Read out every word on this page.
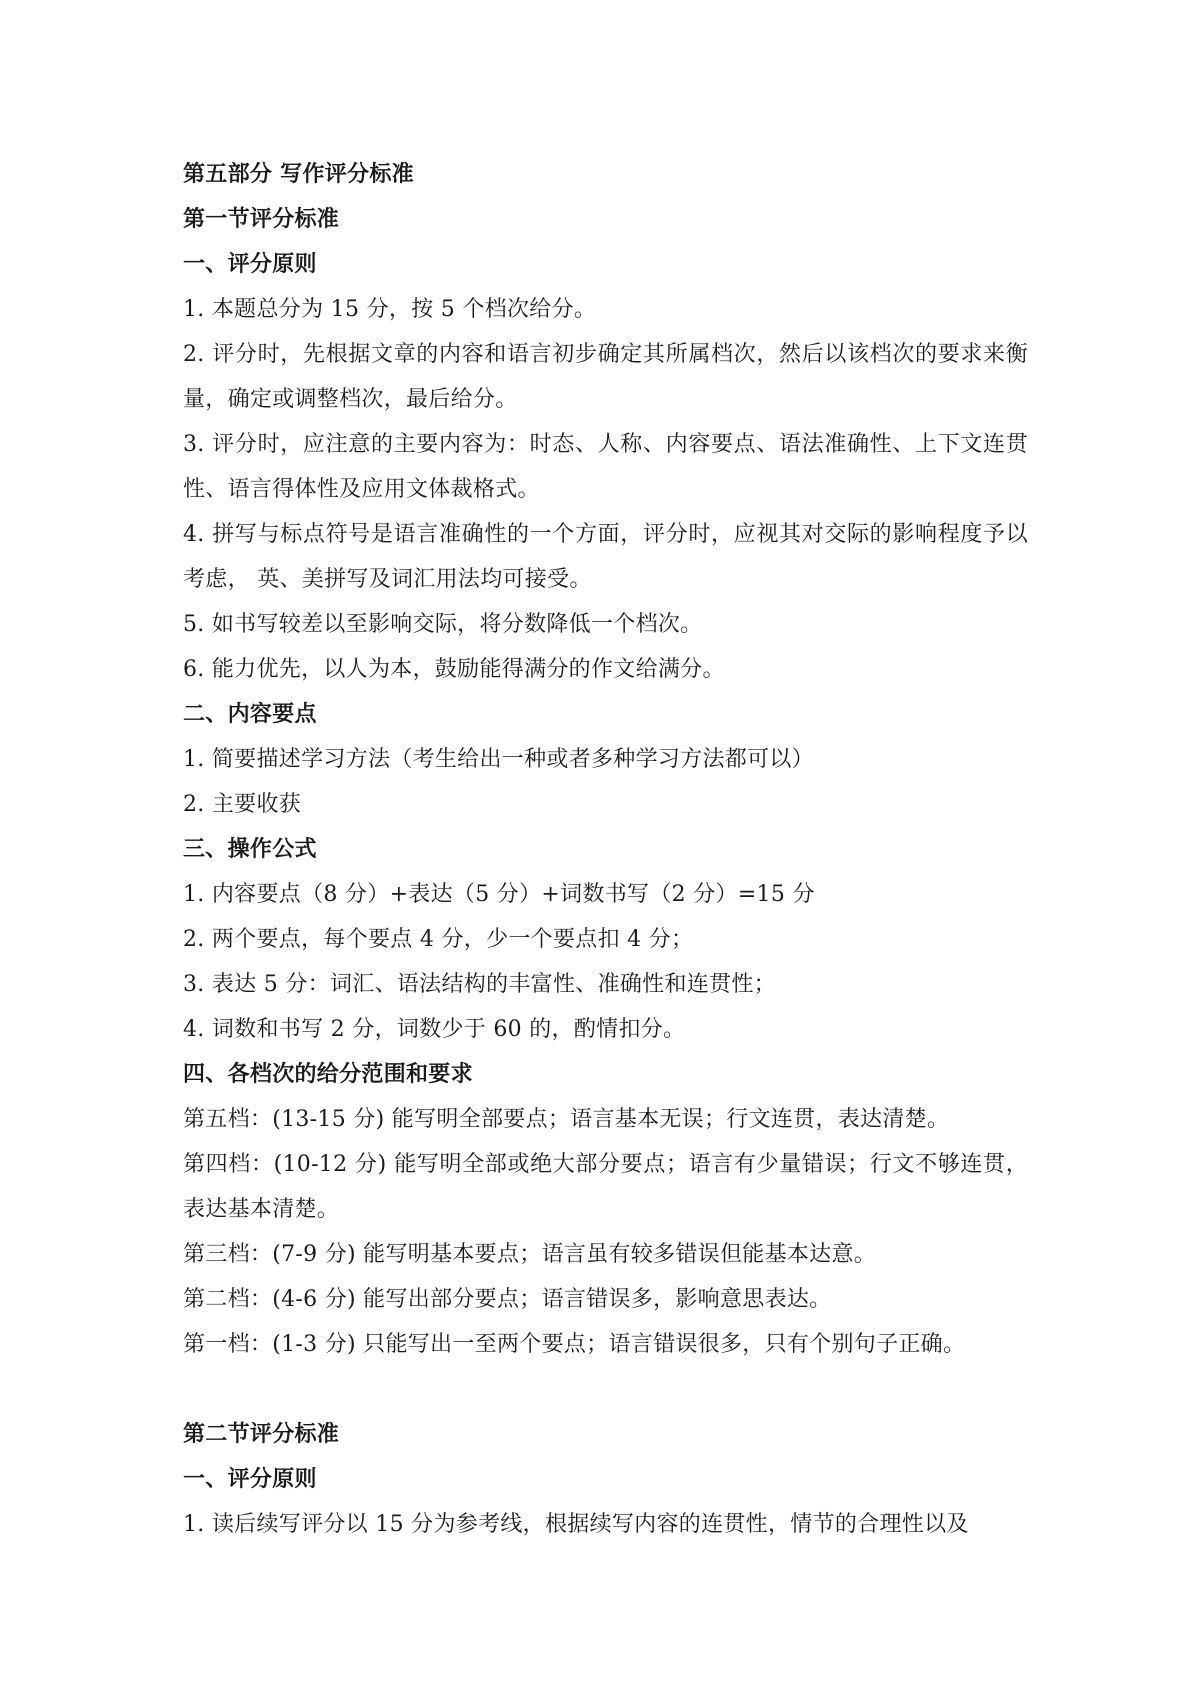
第五部分 写作评分标准
第一节评分标准
一、评分原则
1. 本题总分为 15 分，按 5 个档次给分。
2. 评分时，先根据文章的内容和语言初步确定其所属档次，然后以该档次的要求来衡量，确定或调整档次，最后给分。
3. 评分时，应注意的主要内容为：时态、人称、内容要点、语法准确性、上下文连贯性、语言得体性及应用文体裁格式。
4. 拼写与标点符号是语言准确性的一个方面，评分时，应视其对交际的影响程度予以考虑， 英、美拼写及词汇用法均可接受。
5. 如书写较差以至影响交际，将分数降低一个档次。
6. 能力优先，以人为本，鼓励能得满分的作文给满分。
二、内容要点
1. 简要描述学习方法（考生给出一种或者多种学习方法都可以）
2. 主要收获
三、操作公式
1. 内容要点（8 分）+表达（5 分）+词数书写（2 分）=15 分
2. 两个要点，每个要点 4 分，少一个要点扣 4 分；
3. 表达 5 分：词汇、语法结构的丰富性、准确性和连贯性；
4. 词数和书写 2 分，词数少于 60 的，酌情扣分。
四、各档次的给分范围和要求
第五档：(13-15 分) 能写明全部要点；语言基本无误；行文连贯，表达清楚。
第四档：(10-12 分) 能写明全部或绝大部分要点；语言有少量错误；行文不够连贯，表达基本清楚。
第三档：(7-9 分) 能写明基本要点；语言虽有较多错误但能基本达意。
第二档：(4-6 分) 能写出部分要点；语言错误多，影响意思表达。
第一档：(1-3 分) 只能写出一至两个要点；语言错误很多，只有个别句子正确。
第二节评分标准
一、评分原则
1. 读后续写评分以 15 分为参考线，根据续写内容的连贯性，情节的合理性以及
